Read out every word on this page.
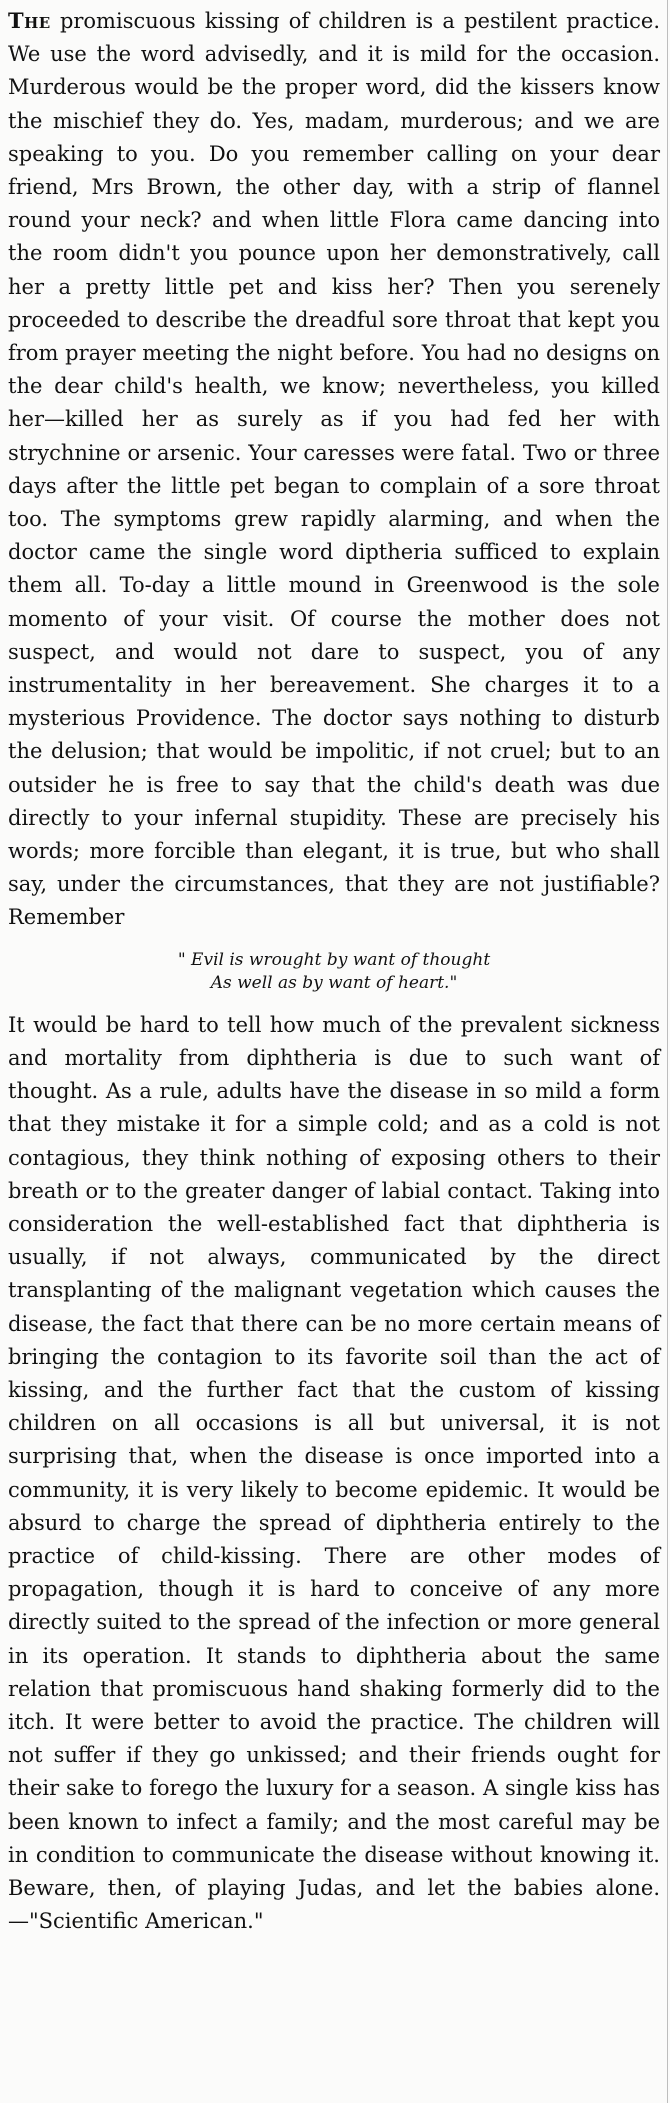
The promiscuous kissing of children is a pestilent practice. We use the word advisedly, and it is mild for the occasion. Murderous would be the proper word, did the kissers know the mischief they do. Yes, madam, murderous; and we are speaking to you. Do you remember calling on your dear friend, Mrs Brown, the other day, with a strip of flannel round your neck? and when little Flora came dancing into the room didn't you pounce upon her demonstratively, call her a pretty little pet and kiss her? Then you serenely proceeded to describe the dreadful sore throat that kept you from prayer meeting the night before. You had no designs on the dear child's health, we know; nevertheless, you killed her—killed her as surely as if you had fed her with strychnine or arsenic. Your caresses were fatal. Two or three days after the little pet began to complain of a sore throat too. The symptoms grew rapidly alarming, and when the doctor came the single word diptheria sufficed to explain them all. To-day a little mound in Greenwood is the sole momento of your visit. Of course the mother does not suspect, and would not dare to suspect, you of any instrumentality in her bereavement. She charges it to a mysterious Providence. The doctor says nothing to disturb the delusion; that would be impolitic, if not cruel; but to an outsider he is free to say that the child's death was due directly to your infernal stupidity. These are precisely his words; more forcible than elegant, it is true, but who shall say, under the circumstances, that they are not justifiable? Remember

" Evil is wrought by want of thought
As well as by want of heart."

It would be hard to tell how much of the prevalent sickness and mortality from diphtheria is due to such want of thought. As a rule, adults have the disease in so mild a form that they mistake it for a simple cold; and as a cold is not contagious, they think nothing of exposing others to their breath or to the greater danger of labial contact. Taking into consideration the well-established fact that diphtheria is usually, if not always, communicated by the direct transplanting of the malignant vegetation which causes the disease, the fact that there can be no more certain means of bringing the contagion to its favorite soil than the act of kissing, and the further fact that the custom of kissing children on all occasions is all but universal, it is not surprising that, when the disease is once imported into a community, it is very likely to become epidemic. It would be absurd to charge the spread of diphtheria entirely to the practice of child-kissing. There are other modes of propagation, though it is hard to conceive of any more directly suited to the spread of the infection or more general in its operation. It stands to diphtheria about the same relation that promiscuous hand shaking formerly did to the itch. It were better to avoid the practice. The children will not suffer if they go unkissed; and their friends ought for their sake to forego the luxury for a season. A single kiss has been known to infect a family; and the most careful may be in condition to communicate the disease without knowing it. Beware, then, of playing Judas, and let the babies alone.—"Scientific American."
